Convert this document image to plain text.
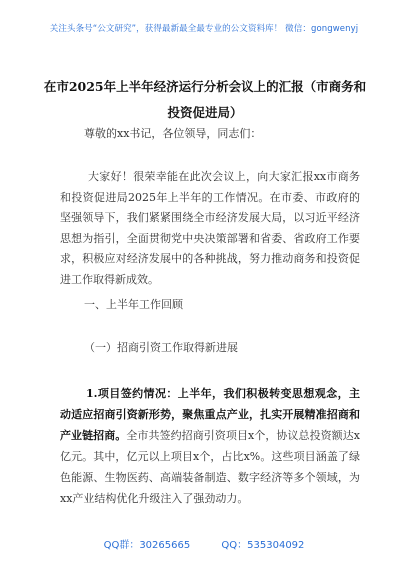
关注头条号“公文研究”，获得最新最全最专业的公文资料库！ 微信：gongwenyj
在市2025年上半年经济运行分析会议上的汇报（市商务和投资促进局）
尊敬的xx书记，各位领导，同志们：
大家好！很荣幸能在此次会议上，向大家汇报xx市商务和投资促进局2025年上半年的工作情况。在市委、市政府的坚强领导下，我们紧紧围绕全市经济发展大局，以习近平经济思想为指引，全面贯彻党中央决策部署和省委、省政府工作要求，积极应对经济发展中的各种挑战，努力推动商务和投资促进工作取得新成效。
一、上半年工作回顾
（一）招商引资工作取得新进展
1.项目签约情况：上半年，我们积极转变思想观念，主动适应招商引资新形势，聚焦重点产业，扎实开展精准招商和产业链招商。全市共签约招商引资项目x个，协议总投资额达x亿元。其中，亿元以上项目x个，占比x%。这些项目涵盖了绿色能源、生物医药、高端装备制造、数字经济等多个领域，为xx产业结构优化升级注入了强劲动力。
QQ群：30265665	QQ：535304092
